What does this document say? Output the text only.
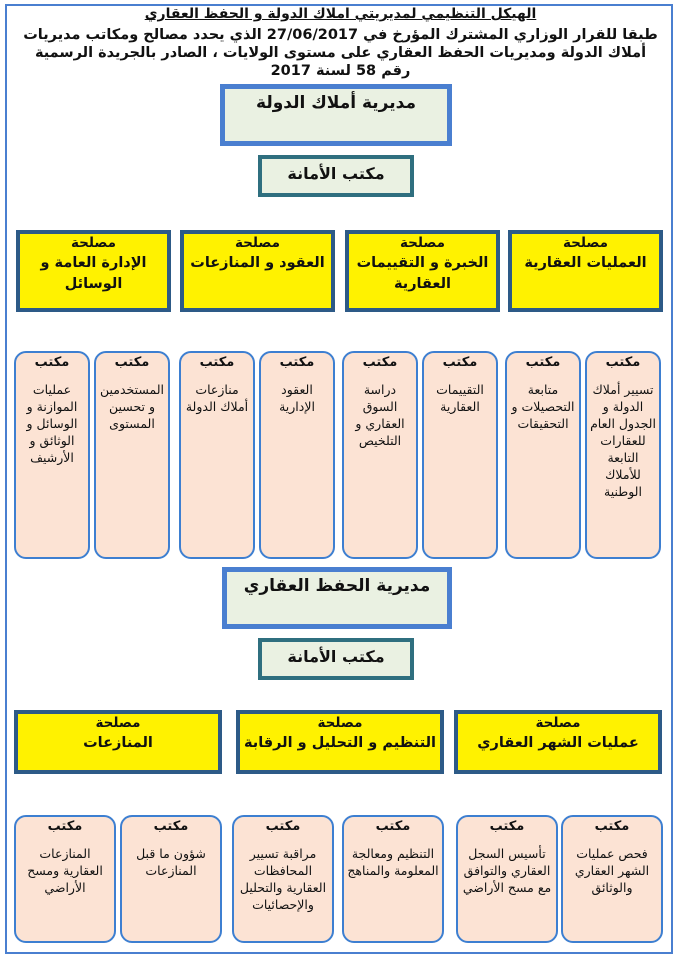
الهيكل التنظيمي لمديريتي املاك الدولة و الحفظ العقاري
طبقا للقرار الوزاري المشترك المؤرخ في 27/06/2017 الذي يحدد مصالح ومكاتب مديريات أملاك الدولة ومديريات الحفظ العقاري على مستوى الولايات ، الصادر بالجريدة الرسمية رقم 58 لسنة 2017
مديرية أملاك الدولة
مكتب الأمانة
مصلحة
العمليات العقارية
مصلحة
الخبرة و التقييمات العقارية
مصلحة
العقود و المنازعات
مصلحة
الإدارة العامة و الوسائل
مكتب
تسيير أملاك الدولة و الجدول العام للعقارات التابعة للأملاك الوطنية
مكتب
متابعة التحصيلات و التحقيقات
مكتب
التقييمات العقارية
مكتب
دراسة السوق العقاري و التلخيص
مكتب
العقود الإدارية
مكتب
منازعات أملاك الدولة
مكتب
المستخدمين و تحسين المستوى
مكتب
عمليات الموازنة و الوسائل و الوثائق و الأرشيف
مديرية الحفظ العقاري
مكتب الأمانة
مصلحة
عمليات الشهر العقاري
مصلحة
التنظيم و التحليل و الرقابة
مصلحة
المنازعات
مكتب
فحص عمليات الشهر العقاري والوثائق
مكتب
تأسيس السجل العقاري والتوافق مع مسح الأراضي
مكتب
التنظيم ومعالجة المعلومة والمناهج
مكتب
مراقبة تسيير المحافظات العقارية والتحليل والإحصائيات
مكتب
شؤون ما قبل المنازعات
مكتب
المنازعات العقارية ومسح الأراضي
